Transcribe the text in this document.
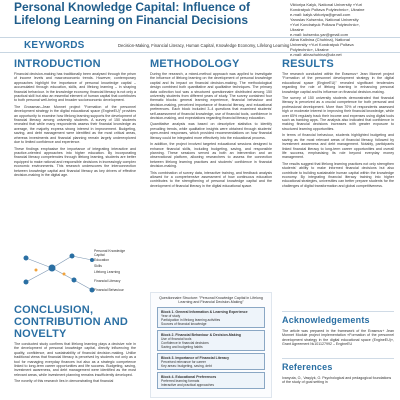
Personal Knowledge Capital: Influence of Lifelong Learning on Financial Decisions
Viktoriya Kalyk, National University «Yuri
Kondratyuk Poltava Polytechnic», Ukraine
e-mail: kalyk.viktoriya@gmail.com
Yaroslav Kutsenko, National University
«Yuri Kondratyuk Poltava Polytechnic»,
Ukraine
e-mail: kutsenko.yar@gmail.com
Alina Kalinina (Chuhina), National
University «Yuri Kondratyuk Poltava
Polytechnic», Ukraine
e-mail: alinachuhina@ukr.net
KEYWORDS	Decision-Making, Financial Literacy, Human Capital, Knowledge Economy, Lifelong Learning
INTRODUCTION

Financial decision-making has traditionally been analysed through the prism of income levels and macroeconomic trends. However, contemporary approaches highlight the importance of personal knowledge capital – accumulated through education, skills, and lifelong learning – in shaping financial behaviour. In the knowledge economy, financial literacy is not only a practical skill but also an essential element of human capital that contributes to both personal well-being and broader socioeconomic development.

The Grossman–Jean Monnet project "Formation of the personnel development strategy in the digital educational space (EngineEU)" provides an opportunity to examine how lifelong learning supports the development of financial literacy among university students. A survey of 150 students revealed that while many respondents assess their financial knowledge as average, the majority express strong interest in improvement. Budgeting, saving, and debt management were identified as the most critical areas, whereas investments and financial planning remain largely underexplored due to limited confidence and experience.

These findings emphasise the importance of integrating interactive and practice-oriented approaches into higher education. By incorporating financial literacy competencies through lifelong learning, students are better equipped to make rational and responsible decisions in increasingly complex economic environments. This research underscores the interconnection between knowledge capital and financial literacy as key drivers of effective decision-making in the digital age.

Personal Knowledge Capital
Education
Skills
Lifelong Learning
Financial Literacy
Financial Behaviour
CONCLUSION, CONTRIBUTION AND NOVELTY

The conducted study confirms that lifelong learning plays a decisive role in the development of personal knowledge capital, directly influencing the quality, confidence, and sustainability of financial decision-making. Unlike traditional views that financial literacy is perceived by students not only as a tool for managing everyday finances but also as a strategic competence linked to long-term career opportunities and life success. Budgeting, saving, investment awareness, and debt management were identified as the most relevant areas, while investment planning remains insufficiently developed.

The novelty of this research lies in demonstrating that financial

METHODOLOGY

During the research, a mixed-method approach was applied to investigate the influence of lifelong learning on the development of personal knowledge capital and its impact on financial decision-making. The methodological design combined both quantitative and qualitative techniques. The primary data collection tool was a structured questionnaire distributed among 150 university students from different years of study. The survey contained four thematic blocks: general learning experience, financial behaviour and decision-making, perceived importance of financial literacy, and educational preferences. Each block included 3–4 questions that examined students' self-assessment of financial knowledge, use of financial tools, confidence in decision-making, and expectations regarding financial literacy education.

Quantitative analysis was based on descriptive statistics to identify prevailing trends, while qualitative insights were obtained through students' open-ended responses, which provided recommendations on how financial literacy could be integrated more effectively into the educational process.

In addition, the project involved targeted educational sessions designed to enhance financial skills, including budgeting, saving, and responsible planning. These sessions served as both an intervention and an observational platform, allowing researchers to assess the connection between lifelong learning practices and students' confidence in financial decision-making.

This combination of survey data, interactive training, and feedback analysis allowed for a comprehensive assessment of how continuous education contributes to the strengthening of personal knowledge capital and the development of financial literacy in the digital educational space.

Questionnaire Structure: "Personal Knowledge Capital in Lifelong Learning and Financial Decision-Making"
Block 1. General Information & Learning Experience
Year of study
Participation in lifelong learning activities
Sources of financial knowledge
Block 2. Financial Behaviour & Decision-Making
Use of financial tools
Confidence in financial decisions
Saving and budgeting habits
Block 3. Importance of Financial Literacy
Perceived relevance for career
Key areas: budgeting, saving, debt
Block 4. Educational Preferences
Preferred learning formats
Interactive and practical approaches
RESULTS

The research conducted within the Erasmus+ Jean Monnet project "Formation of the personnel development strategy in the digital educational space (EngineEU)" revealed significant tendencies regarding the role of lifelong learning in enhancing personal knowledge capital and its influence on financial decision-making.

The survey of 150 university students demonstrated that financial literacy is perceived as a crucial competence for both personal and professional development. More than 70% of respondents assessed high or moderate interest in improving their financial knowledge, while over 65% regularly track their income and expenses using digital tools such as banking apps. The analysis also indicated that confidence in making financial decisions increases with greater exposure to structured learning opportunities.

In terms of financial behaviour, students highlighted budgeting and saving as the most relevant areas of financial literacy, followed by investment awareness and debt management. Notably, participants linked financial literacy to long-term career opportunities and overall life success, emphasising its role beyond everyday money management.

The results suggest that lifelong learning practices not only strengthen students' ability to make informed financial decisions but also contribute to building sustainable human capital within the knowledge economy. By integrating financial literacy training into higher educational strategies, universities can better prepare students for the challenges of digital transformation and global competitiveness.

Acknowledgements
The article was prepared in the framework of the Erasmus+ Jean Monnet Module project implementation «Formation of the personnel development strategy in the digital educational space (EngineEU)», Grant Agreement №101127992 – EngineEU
References
Ivanyuta, O., Vasylyk, O. Psychological and pedagogical foundations of the study of goal setting in
